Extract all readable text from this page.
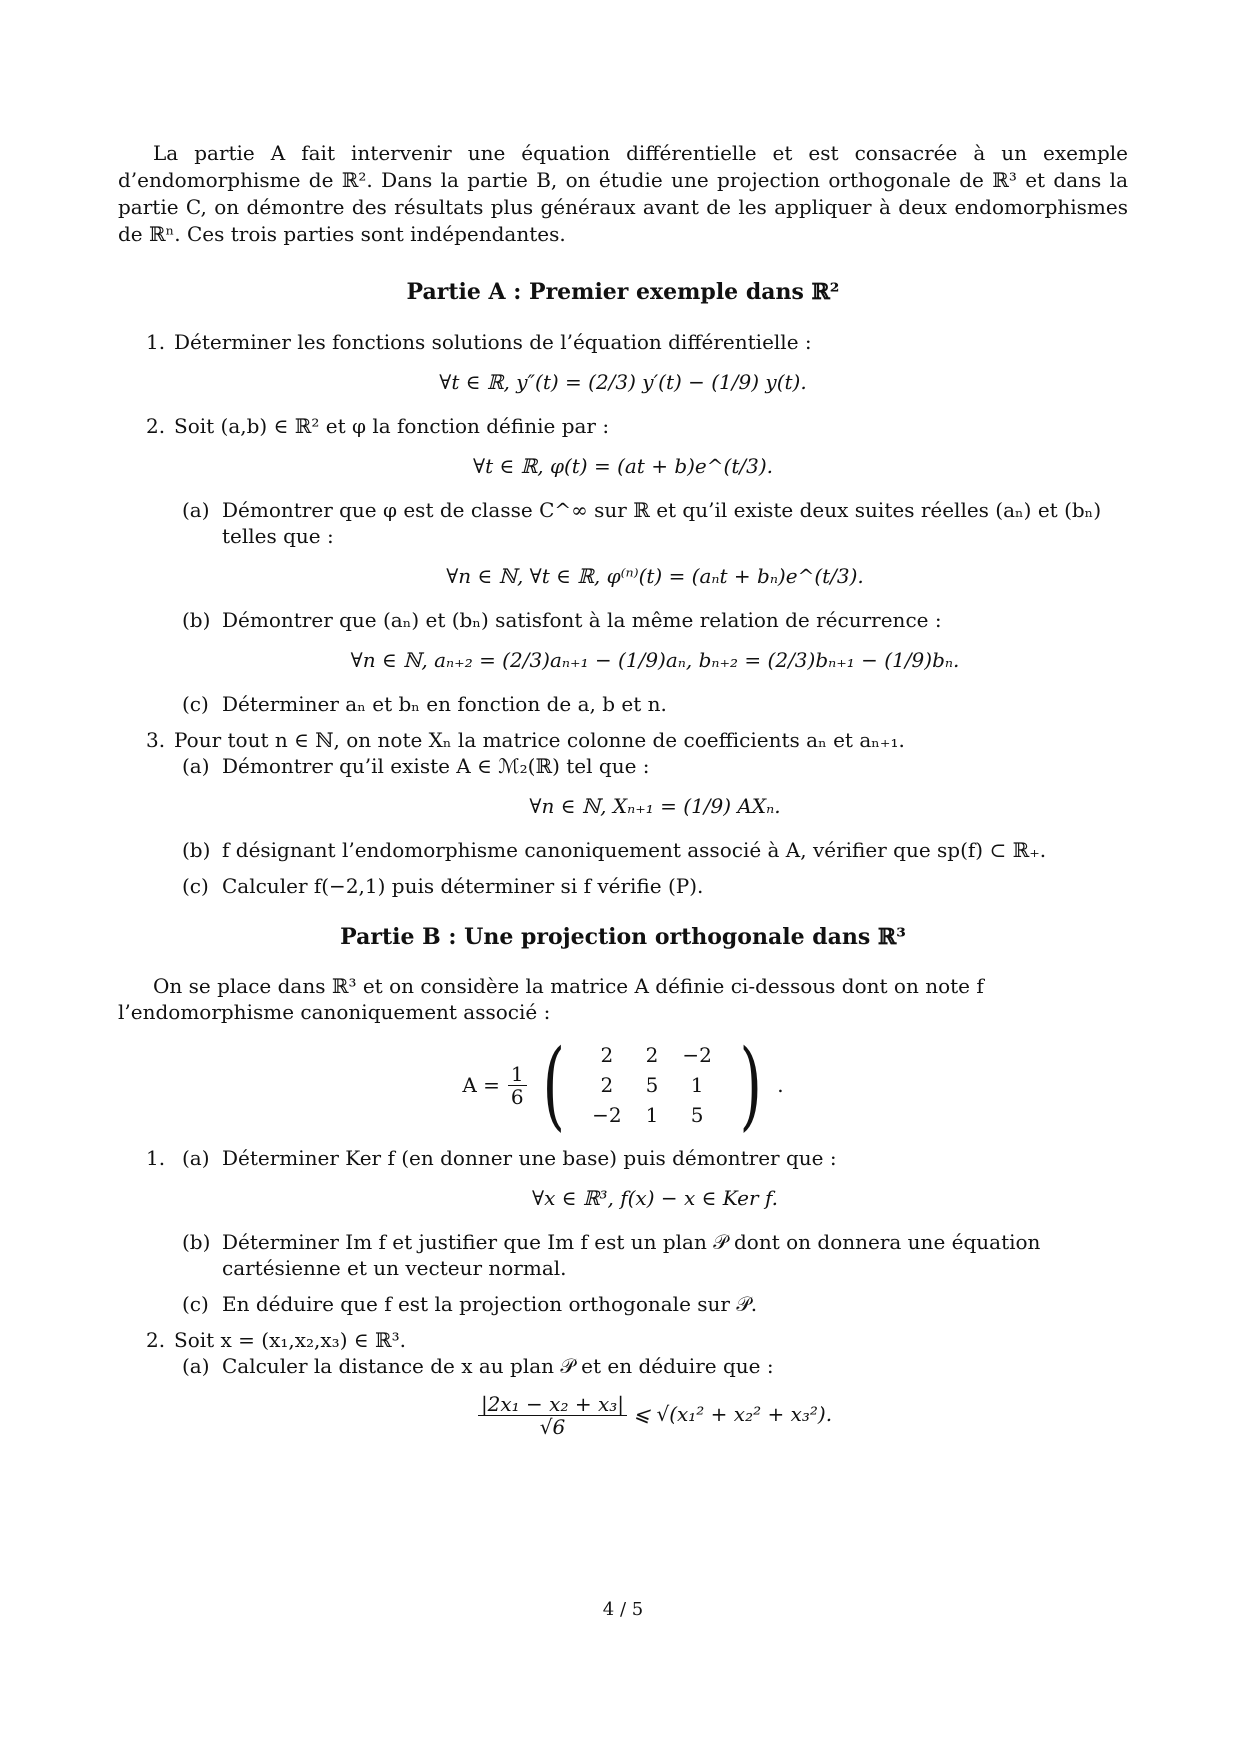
La partie A fait intervenir une équation différentielle et est consacrée à un exemple d’endomorphisme de ℝ². Dans la partie B, on étudie une projection orthogonale de ℝ³ et dans la partie C, on démontre des résultats plus généraux avant de les appliquer à deux endomorphismes de ℝⁿ. Ces trois parties sont indépendantes.

Partie A : Premier exemple dans ℝ²
1. Déterminer les fonctions solutions de l’équation différentielle :
∀t ∈ ℝ, y″(t) = (2/3) y′(t) − (1/9) y(t).
2. Soit (a,b) ∈ ℝ² et φ la fonction définie par :
∀t ∈ ℝ, φ(t) = (at + b)e^(t/3).
(a) Démontrer que φ est de classe C^∞ sur ℝ et qu’il existe deux suites réelles (aₙ) et (bₙ) telles que :
∀n ∈ ℕ, ∀t ∈ ℝ, φ⁽ⁿ⁾(t) = (aₙt + bₙ)e^(t/3).
(b) Démontrer que (aₙ) et (bₙ) satisfont à la même relation de récurrence :
∀n ∈ ℕ, aₙ₊₂ = (2/3)aₙ₊₁ − (1/9)aₙ, bₙ₊₂ = (2/3)bₙ₊₁ − (1/9)bₙ.
(c) Déterminer aₙ et bₙ en fonction de a, b et n.
3. Pour tout n ∈ ℕ, on note Xₙ la matrice colonne de coefficients aₙ et aₙ₊₁.
(a) Démontrer qu’il existe A ∈ ℳ₂(ℝ) tel que :
∀n ∈ ℕ, Xₙ₊₁ = (1/9) AXₙ.
(b) f désignant l’endomorphisme canoniquement associé à A, vérifier que sp(f) ⊂ ℝ₊.
(c) Calculer f(−2,1) puis déterminer si f vérifie (P).
Partie B : Une projection orthogonale dans ℝ³

On se place dans ℝ³ et on considère la matrice A définie ci-dessous dont on note f l’endomorphisme canoniquement associé :

$A = \frac{1}{6}$ ( 2	2	−2
2	5	1
−2	1	5 ) .
1. (a) Déterminer Ker f (en donner une base) puis démontrer que :
∀x ∈ ℝ³, f(x) − x ∈ Ker f.
(b) Déterminer Im f et justifier que Im f est un plan 𝒫 dont on donnera une équation cartésienne et un vecteur normal.
(c) En déduire que f est la projection orthogonale sur 𝒫.
2. Soit x = (x₁,x₂,x₃) ∈ ℝ³.
(a) Calculer la distance de x au plan 𝒫 et en déduire que :
$\frac{\text{|2x₁ − x₂ + x₃|}}{√6}$ ⩽ √(x₁² + x₂² + x₃²).
4 / 5
